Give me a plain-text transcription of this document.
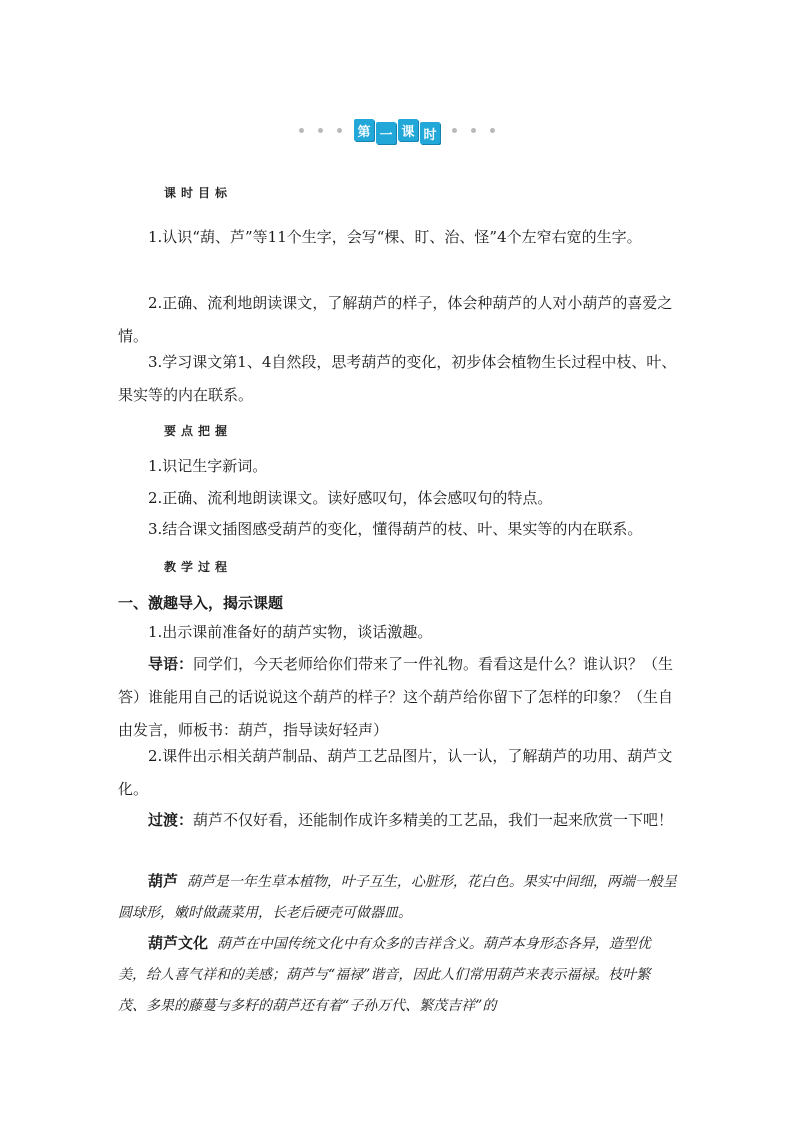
第 一 课 时
课时目标

1.认识“葫、芦”等11个生字，会写“棵、盯、治、怪”4个左窄右宽的生字。

2.正确、流利地朗读课文，了解葫芦的样子，体会种葫芦的人对小葫芦的喜爱之情。

3.学习课文第1、4自然段，思考葫芦的变化，初步体会植物生长过程中枝、叶、果实等的内在联系。

要点把握

1.识记生字新词。

2.正确、流利地朗读课文。读好感叹句，体会感叹句的特点。

3.结合课文插图感受葫芦的变化，懂得葫芦的枝、叶、果实等的内在联系。

教学过程

一、激趣导入，揭示课题

1.出示课前准备好的葫芦实物，谈话激趣。

导语：同学们，今天老师给你们带来了一件礼物。看看这是什么？谁认识？（生答）谁能用自己的话说说这个葫芦的样子？这个葫芦给你留下了怎样的印象？（生自由发言，师板书：葫芦，指导读好轻声）

2.课件出示相关葫芦制品、葫芦工艺品图片，认一认，了解葫芦的功用、葫芦文化。

过渡：葫芦不仅好看，还能制作成许多精美的工艺品，我们一起来欣赏一下吧！

葫芦 葫芦是一年生草本植物，叶子互生，心脏形，花白色。果实中间细，两端一般呈圆球形，嫩时做蔬菜用，长老后硬壳可做器皿。

葫芦文化 葫芦在中国传统文化中有众多的吉祥含义。葫芦本身形态各异，造型优美，给人喜气祥和的美感；葫芦与“福禄”谐音，因此人们常用葫芦来表示福禄。枝叶繁茂、多果的藤蔓与多籽的葫芦还有着“子孙万代、繁茂吉祥”的
